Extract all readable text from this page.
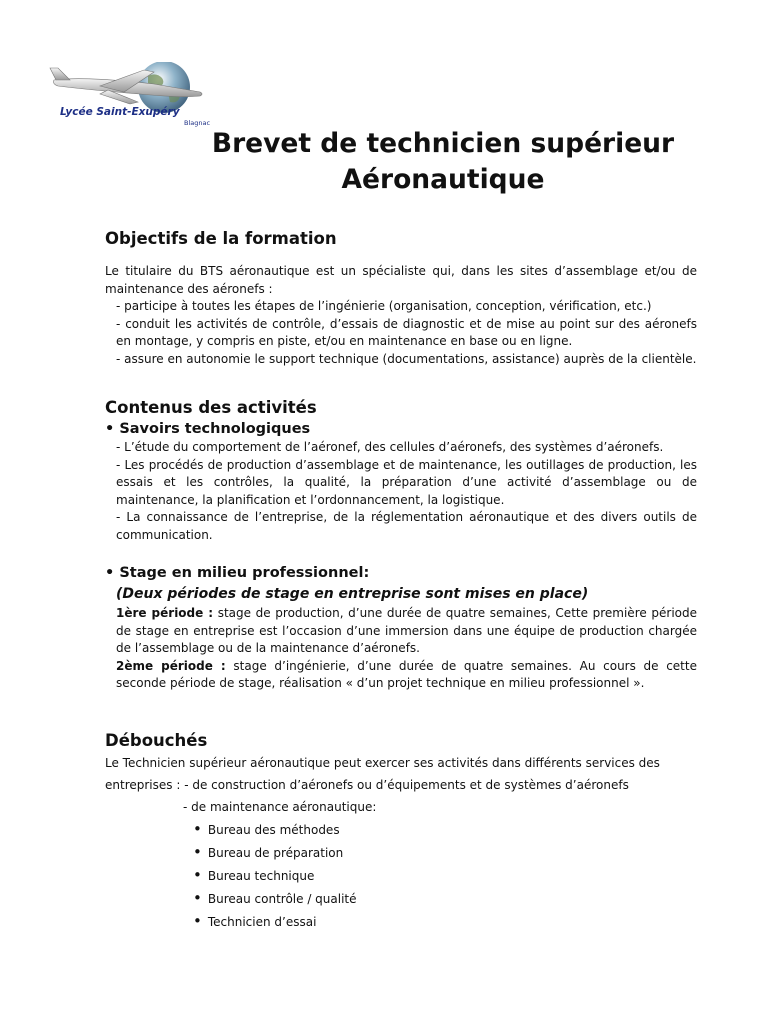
Lycée Saint-Exupéry
Blagnac
Brevet de technicien supérieur
Aéronautique
Objectifs de la formation

Le titulaire du BTS aéronautique est un spécialiste qui, dans les sites d’assemblage et/ou de maintenance des aéronefs :

- participe à toutes les étapes de l’ingénierie (organisation, conception, vérification, etc.)

- conduit les activités de contrôle, d’essais de diagnostic et de mise au point sur des aéronefs en montage, y compris en piste, et/ou en maintenance en base ou en ligne.

- assure en autonomie le support technique (documentations, assistance) auprès de la clientèle.

Contenus des activités

• Savoirs technologiques

- L’étude du comportement de l’aéronef, des cellules d’aéronefs, des systèmes d’aéronefs.

- Les procédés de production d’assemblage et de maintenance, les outillages de production, les essais et les contrôles, la qualité, la préparation d’une activité d’assemblage ou de maintenance, la planification et l’ordonnancement, la logistique.

- La connaissance de l’entreprise, de la réglementation aéronautique et des divers outils de communication.

• Stage en milieu professionnel:

(Deux périodes de stage en entreprise sont mises en place)

1ère période : stage de production, d’une durée de quatre semaines, Cette première période de stage en entreprise est l’occasion d’une immersion dans une équipe de production chargée de l’assemblage ou de la maintenance d’aéronefs.

2ème période : stage d’ingénierie, d’une durée de quatre semaines. Au cours de cette seconde période de stage, réalisation « d’un projet technique en milieu professionnel ».

Débouchés

Le Technicien supérieur aéronautique peut exercer ses activités dans différents services des

entreprises : - de construction d’aéronefs ou d’équipements et de systèmes d’aéronefs

- de maintenance aéronautique:

• Bureau des méthodes
• Bureau de préparation
• Bureau technique
• Bureau contrôle / qualité
• Technicien d’essai
